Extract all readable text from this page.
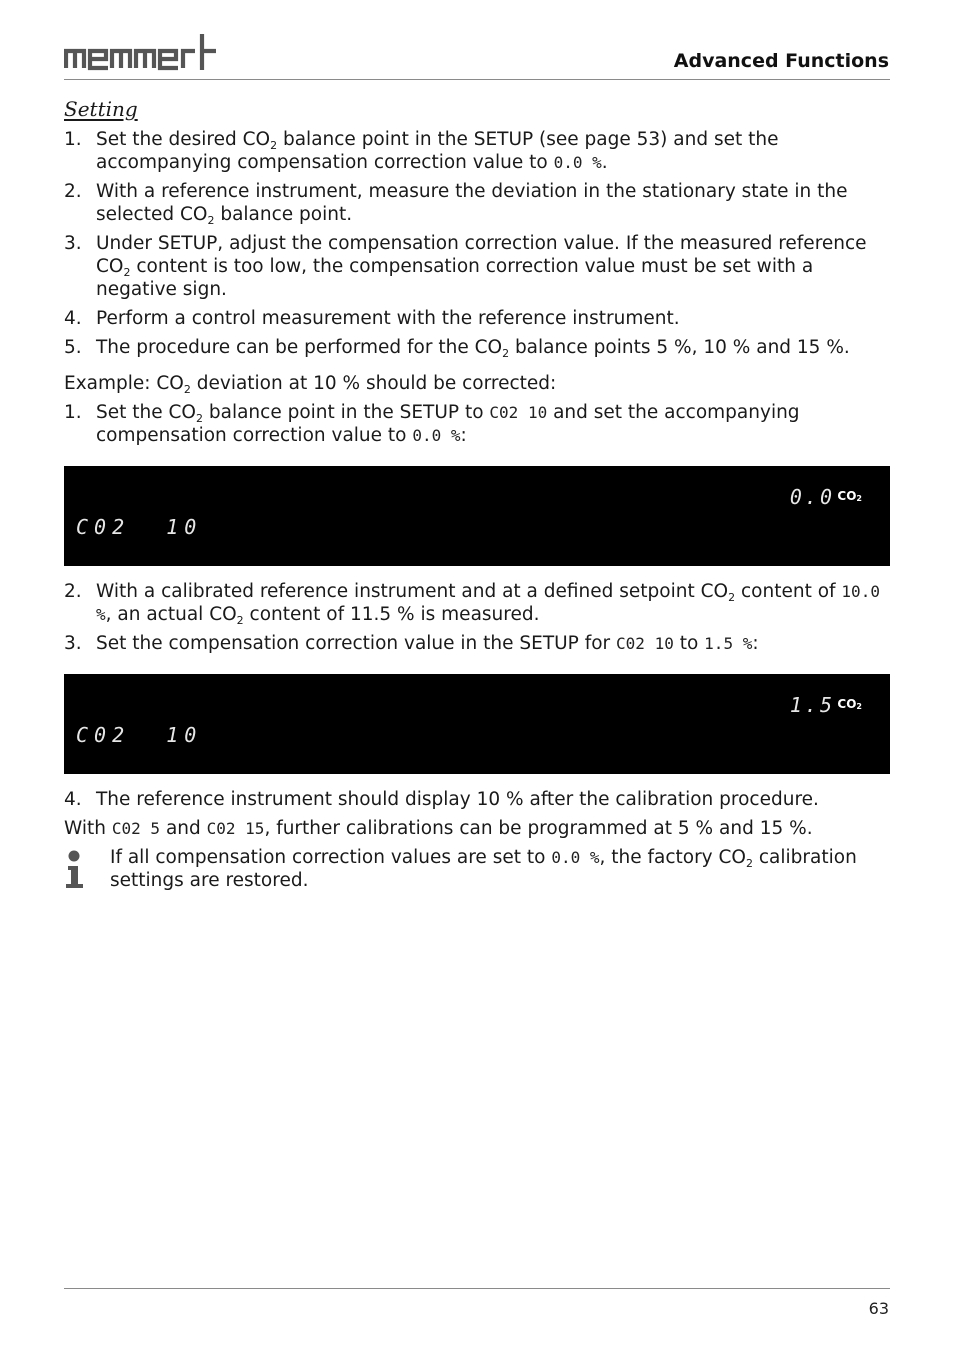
Advanced Functions
Setting
1. Set the desired $CO_2$ balance point in the SETUP (see page 53) and set the accompanying compensation correction value to 0.0 %.
2. With a reference instrument, measure the deviation in the stationary state in the selected $CO_2$ balance point.
3. Under SETUP, adjust the compensation correction value. If the measured reference $CO_2$ content is too low, the compensation correction value must be set with a negative sign.
4. Perform a control measurement with the reference instrument.
5. The procedure can be performed for the $CO_2$ balance points 5 %, 10 % and 15 %.

Example: $CO_2$ deviation at 10 % should be corrected:

1. Set the $CO_2$ balance point in the SETUP to C02 10 and set the accompanying compensation correction value to 0.0 %:
0.0 $CO_2$
C02  10
2. With a calibrated reference instrument and at a defined setpoint $CO_2$ content of 10.0 %, an actual $CO_2$ content of 11.5 % is measured.
3. Set the compensation correction value in the SETUP for C02 10 to 1.5 %:
1.5 $CO_2$
C02  10
4. The reference instrument should display 10 % after the calibration procedure.

With C02 5 and C02 15, further calibrations can be programmed at 5 % and 15 %.

If all compensation correction values are set to 0.0 %, the factory $CO_2$ calibration settings are restored.
63
